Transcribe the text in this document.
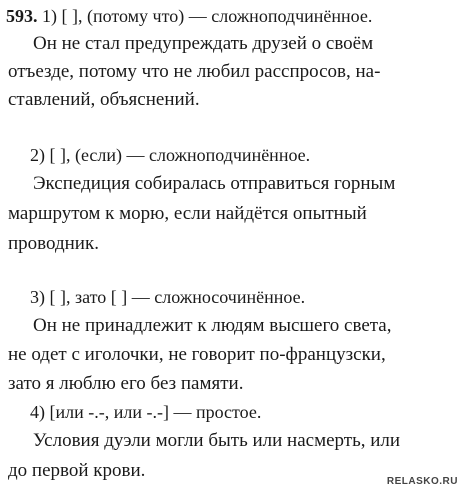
593. 1) [ ], (потому что) — сложноподчинённое.
Он не стал предупреждать друзей о своём
отъезде, потому что не любил расспросов, на-
ставлений, объяснений.
2) [ ], (если) — сложноподчинённое.
Экспедиция собиралась отправиться горным
маршрутом к морю, если найдётся опытный
проводник.
3) [ ], зато [ ] — сложносочинённое.
Он не принадлежит к людям высшего света,
не одет с иголочки, не говорит по-французски,
зато я люблю его без памяти.
4) [или -.-, или -.-] — простое.
Условия дуэли могли быть или насмерть, или
до первой крови.
RELASKO.RU
